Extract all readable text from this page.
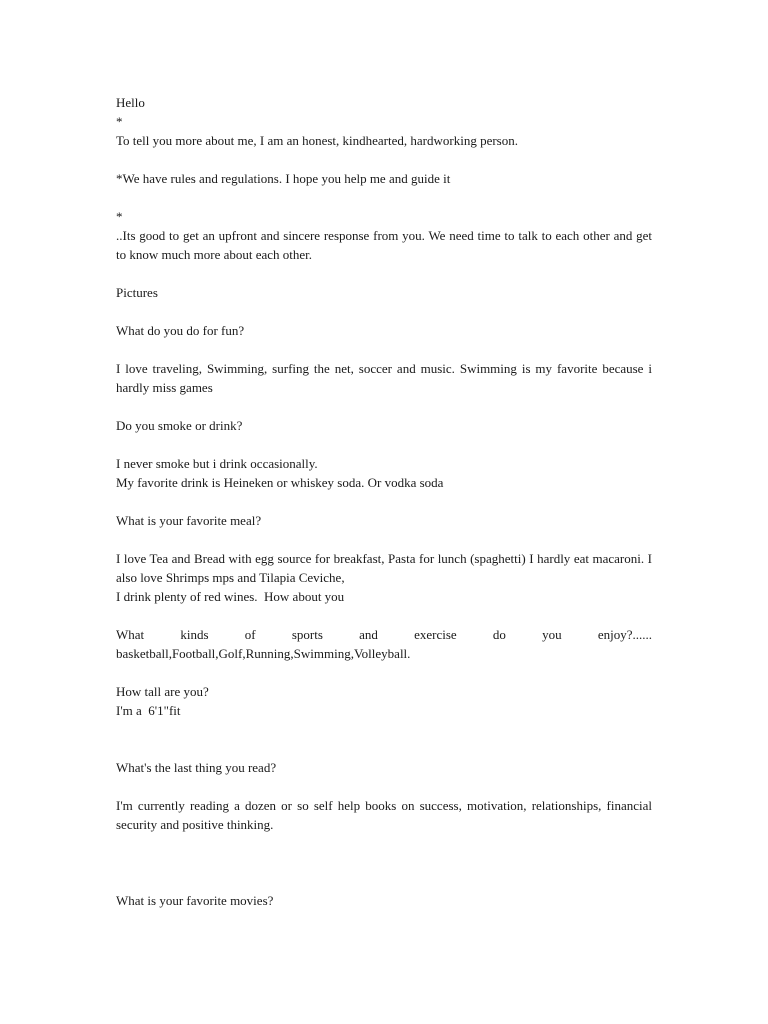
Hello
*
To tell you more about me, I am an honest, kindhearted, hardworking person.
*We have rules and regulations. I hope you help me and guide it
*
..Its good to get an upfront and sincere response from you. We need time to talk to each other and get to know much more about each other.
Pictures
What do you do for fun?
I love traveling, Swimming, surfing the net, soccer and music. Swimming is my favorite because i hardly miss games
Do you smoke or drink?
I never smoke but i drink occasionally.
My favorite drink is Heineken or whiskey soda. Or vodka soda
What is your favorite meal?
I love Tea and Bread with egg source for breakfast, Pasta for lunch (spaghetti) I hardly eat macaroni. I also love Shrimps mps and Tilapia Ceviche,
I drink plenty of red wines.  How about you
What kinds of sports and exercise do you enjoy?......
basketball,Football,Golf,Running,Swimming,Volleyball.
How tall are you?
I'm a  6'1"fit
What's the last thing you read?
I'm currently reading a dozen or so self help books on success, motivation, relationships, financial security and positive thinking.
What is your favorite movies?
